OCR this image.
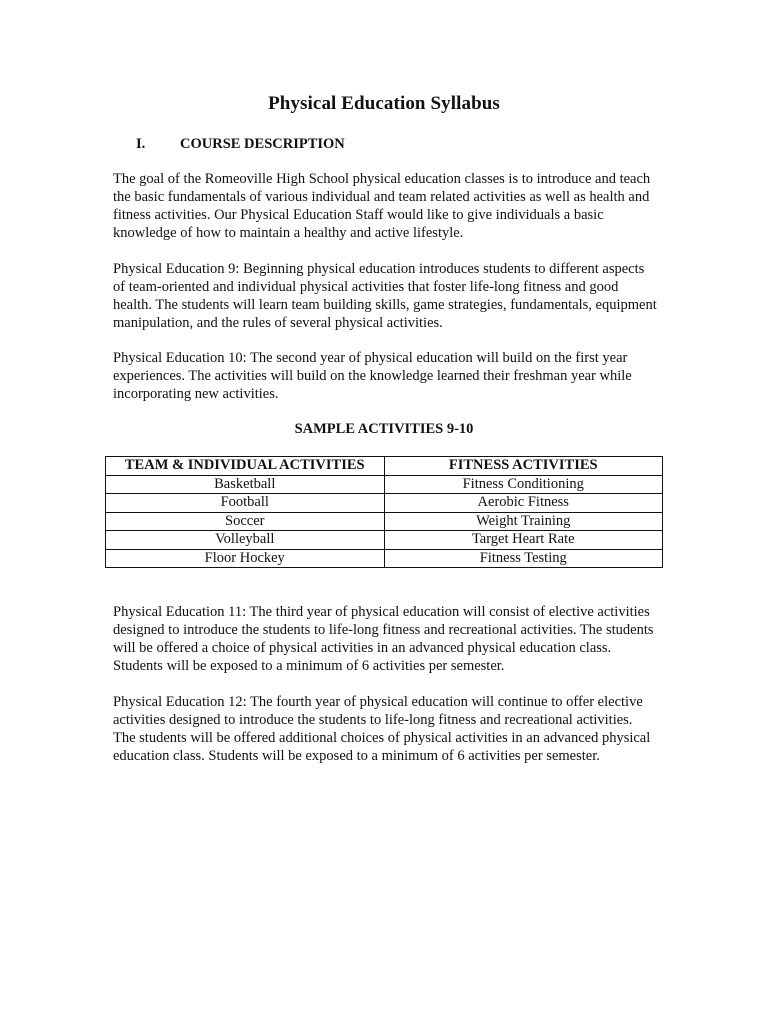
Physical Education Syllabus
I. COURSE DESCRIPTION

The goal of the Romeoville High School physical education classes is to introduce and teach the basic fundamentals of various individual and team related activities as well as health and fitness activities. Our Physical Education Staff would like to give individuals a basic knowledge of how to maintain a healthy and active lifestyle.

Physical Education 9: Beginning physical education introduces students to different aspects of team-oriented and individual physical activities that foster life-long fitness and good health. The students will learn team building skills, game strategies, fundamentals, equipment manipulation, and the rules of several physical activities.

Physical Education 10: The second year of physical education will build on the first year experiences. The activities will build on the knowledge learned their freshman year while incorporating new activities.

SAMPLE ACTIVITIES 9-10
TEAM & INDIVIDUAL ACTIVITIES	FITNESS ACTIVITIES
Basketball	Fitness Conditioning
Football	Aerobic Fitness
Soccer	Weight Training
Volleyball	Target Heart Rate
Floor Hockey	Fitness Testing

Physical Education 11: The third year of physical education will consist of elective activities designed to introduce the students to life-long fitness and recreational activities. The students will be offered a choice of physical activities in an advanced physical education class. Students will be exposed to a minimum of 6 activities per semester.

Physical Education 12: The fourth year of physical education will continue to offer elective activities designed to introduce the students to life-long fitness and recreational activities. The students will be offered additional choices of physical activities in an advanced physical education class. Students will be exposed to a minimum of 6 activities per semester.
